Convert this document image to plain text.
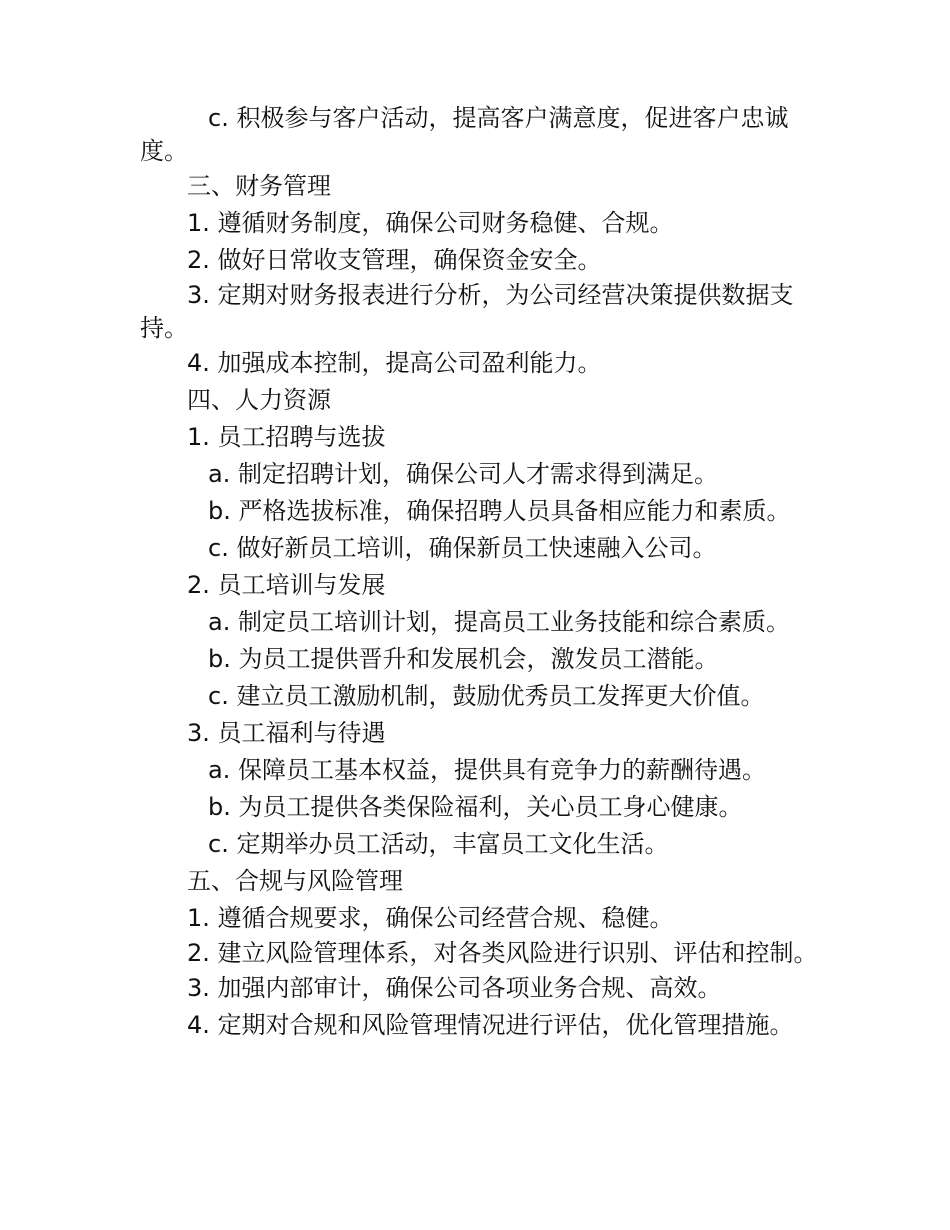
c. 积极参与客户活动，提高客户满意度，促进客户忠诚度。
三、财务管理
1. 遵循财务制度，确保公司财务稳健、合规。
2. 做好日常收支管理，确保资金安全。
3. 定期对财务报表进行分析，为公司经营决策提供数据支持。
4. 加强成本控制，提高公司盈利能力。
四、人力资源
1. 员工招聘与选拔
a. 制定招聘计划，确保公司人才需求得到满足。
b. 严格选拔标准，确保招聘人员具备相应能力和素质。
c. 做好新员工培训，确保新员工快速融入公司。
2. 员工培训与发展
a. 制定员工培训计划，提高员工业务技能和综合素质。
b. 为员工提供晋升和发展机会，激发员工潜能。
c. 建立员工激励机制，鼓励优秀员工发挥更大价值。
3. 员工福利与待遇
a. 保障员工基本权益，提供具有竞争力的薪酬待遇。
b. 为员工提供各类保险福利，关心员工身心健康。
c. 定期举办员工活动，丰富员工文化生活。
五、合规与风险管理
1. 遵循合规要求，确保公司经营合规、稳健。
2. 建立风险管理体系，对各类风险进行识别、评估和控制。
3. 加强内部审计，确保公司各项业务合规、高效。
4. 定期对合规和风险管理情况进行评估，优化管理措施。
